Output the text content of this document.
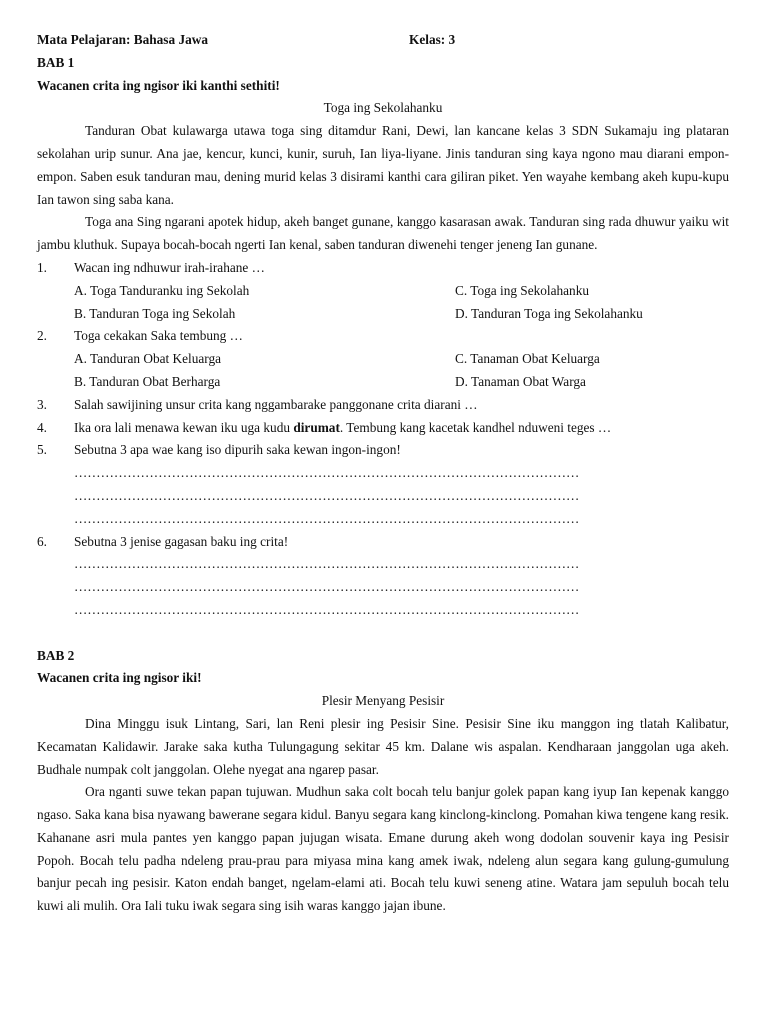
Mata Pelajaran: Bahasa Jawa	Kelas: 3
BAB 1
Wacanen crita ing ngisor iki kanthi sethiti!
Toga ing Sekolahanku

Tanduran Obat kulawarga utawa toga sing ditamdur Rani, Dewi, lan kancane kelas 3 SDN Sukamaju ing plataran sekolahan urip sunur. Ana jae, kencur, kunci, kunir, suruh, Ian liya-liyane. Jinis tanduran sing kaya ngono mau diarani empon-empon. Saben esuk tanduran mau, dening murid kelas 3 disirami kanthi cara giliran piket. Yen wayahe kembang akeh kupu-kupu Ian tawon sing saba kana.

Toga ana Sing ngarani apotek hidup, akeh banget gunane, kanggo kasarasan awak. Tanduran sing rada dhuwur yaiku wit jambu kluthuk. Supaya bocah-bocah ngerti Ian kenal, saben tanduran diwenehi tenger jeneng Ian gunane.

1. Wacan ing ndhuwur irah-irahane …
A. Toga Tanduranku ing Sekolah	C. Toga ing Sekolahanku
B. Tanduran Toga ing Sekolah	D. Tanduran Toga ing Sekolahanku
2. Toga cekakan Saka tembung …
A. Tanduran Obat Keluarga	C. Tanaman Obat Keluarga
B. Tanduran Obat Berharga	D. Tanaman Obat Warga
3. Salah sawijining unsur crita kang nggambarake panggonane crita diarani …
4. Ika ora lali menawa kewan iku uga kudu dirumat. Tembung kang kacetak kandhel nduweni teges …
5. Sebutna 3 apa wae kang iso dipurih saka kewan ingon-ingon!
……………………………………………………………………………………………………
……………………………………………………………………………………………………
……………………………………………………………………………………………………
6. Sebutna 3 jenise gagasan baku ing crita!
……………………………………………………………………………………………………
……………………………………………………………………………………………………
……………………………………………………………………………………………………
BAB 2
Wacanen crita ing ngisor iki!
Plesir Menyang Pesisir

Dina Minggu isuk Lintang, Sari, lan Reni plesir ing Pesisir Sine. Pesisir Sine iku manggon ing tlatah Kalibatur, Kecamatan Kalidawir. Jarake saka kutha Tulungagung sekitar 45 km. Dalane wis aspalan. Kendharaan janggolan uga akeh. Budhale numpak colt janggolan. Olehe nyegat ana ngarep pasar.

Ora nganti suwe tekan papan tujuwan. Mudhun saka colt bocah telu banjur golek papan kang iyup Ian kepenak kanggo ngaso. Saka kana bisa nyawang bawerane segara kidul. Banyu segara kang kinclong-kinclong. Pomahan kiwa tengene kang resik. Kahanane asri mula pantes yen kanggo papan jujugan wisata. Emane durung akeh wong dodolan souvenir kaya ing Pesisir Popoh. Bocah telu padha ndeleng prau-prau para miyasa mina kang amek iwak, ndeleng alun segara kang gulung-gumulung banjur pecah ing pesisir. Katon endah banget, ngelam-elami ati. Bocah telu kuwi seneng atine. Watara jam sepuluh bocah telu kuwi ali mulih. Ora Iali tuku iwak segara sing isih waras kanggo jajan ibune.
